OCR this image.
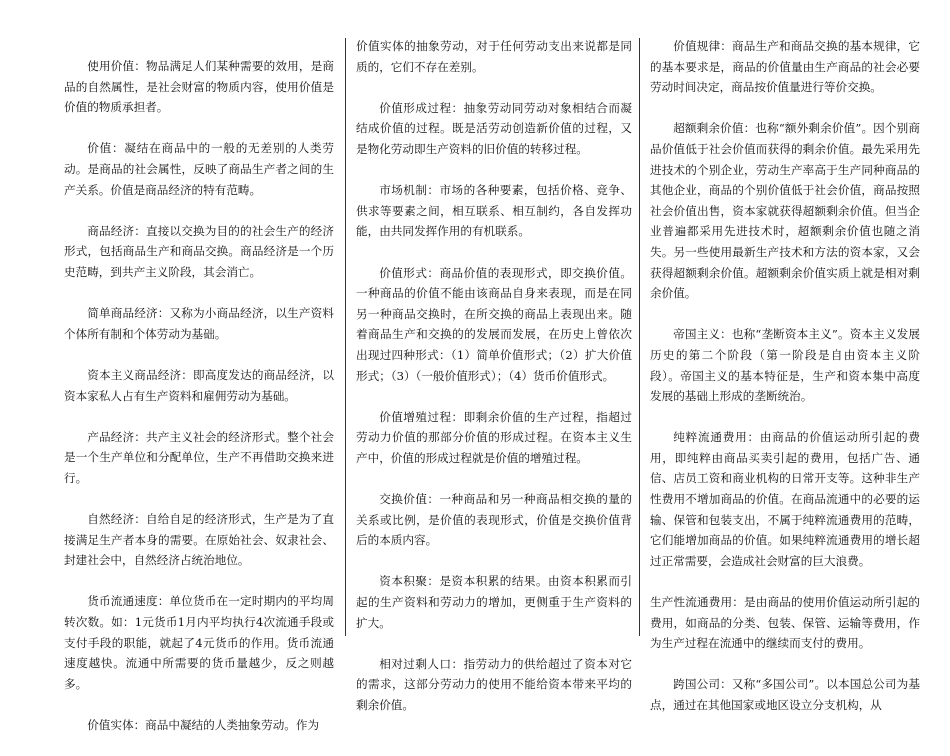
使用价值：物品满足人们某种需要的效用，是商品的自然属性，是社会财富的物质内容，使用价值是价值的物质承担者。

价值：凝结在商品中的一般的无差别的人类劳动。是商品的社会属性，反映了商品生产者之间的生产关系。价值是商品经济的特有范畴。

商品经济：直接以交换为目的的社会生产的经济形式，包括商品生产和商品交换。商品经济是一个历史范畴，到共产主义阶段，其会消亡。

简单商品经济：又称为小商品经济，以生产资料个体所有制和个体劳动为基础。

资本主义商品经济：即高度发达的商品经济，以资本家私人占有生产资料和雇佣劳动为基础。

产品经济：共产主义社会的经济形式。整个社会是一个生产单位和分配单位，生产不再借助交换来进行。

自然经济：自给自足的经济形式，生产是为了直接满足生产者本身的需要。在原始社会、奴隶社会、封建社会中，自然经济占统治地位。

货币流通速度：单位货币在一定时期内的平均周转次数。如：1元货币1月内平均执行4次流通手段或支付手段的职能，就起了4元货币的作用。货币流通速度越快。流通中所需要的货币量越少，反之则越多。

价值实体：商品中凝结的人类抽象劳动。作为

价值实体的抽象劳动，对于任何劳动支出来说都是同质的，它们不存在差别。

价值形成过程：抽象劳动同劳动对象相结合而凝结成价值的过程。既是活劳动创造新价值的过程，又是物化劳动即生产资料的旧价值的转移过程。

市场机制：市场的各种要素，包括价格、竞争、供求等要素之间，相互联系、相互制约，各自发挥功能，由共同发挥作用的有机联系。

价值形式：商品价值的表现形式，即交换价值。一种商品的价值不能由该商品自身来表现，而是在同另一种商品交换时，在所交换的商品上表现出来。随着商品生产和交换的的发展而发展，在历史上曾依次出现过四种形式：（1）简单价值形式；（2）扩大价值形式；（3）（一般价值形式）；（4）货币价值形式。

价值增殖过程：即剩余价值的生产过程，指超过劳动力价值的那部分价值的形成过程。在资本主义生产中，价值的形成过程就是价值的增殖过程。

交换价值：一种商品和另一种商品相交换的量的关系或比例，是价值的表现形式，价值是交换价值背后的本质内容。

资本积聚：是资本积累的结果。由资本积累而引起的生产资料和劳动力的增加，更侧重于生产资料的扩大。

相对过剩人口：指劳动力的供给超过了资本对它的需求，这部分劳动力的使用不能给资本带来平均的剩余价值。

价值规律：商品生产和商品交换的基本规律，它的基本要求是，商品的价值量由生产商品的社会必要劳动时间决定，商品按价值量进行等价交换。

超额剩余价值：也称“额外剩余价值”。因个别商品价值低于社会价值而获得的剩余价值。最先采用先进技术的个别企业，劳动生产率高于生产同种商品的其他企业，商品的个别价值低于社会价值，商品按照社会价值出售，资本家就获得超额剩余价值。但当企业普遍都采用先进技术时，超额剩余价值也随之消失。另一些使用最新生产技术和方法的资本家，又会获得超额剩余价值。超额剩余价值实质上就是相对剩余价值。

帝国主义：也称“垄断资本主义”。资本主义发展历史的第二个阶段（第一阶段是自由资本主义阶段）。帝国主义的基本特征是，生产和资本集中高度发展的基础上形成的垄断统治。

纯粹流通费用：由商品的价值运动所引起的费用，即纯粹由商品买卖引起的费用，包括广告、通信、店员工资和商业机构的日常开支等。这种非生产性费用不增加商品的价值。在商品流通中的必要的运输、保管和包装支出，不属于纯粹流通费用的范畴，它们能增加商品的价值。如果纯粹流通费用的增长超过正常需要，会造成社会财富的巨大浪费。

生产性流通费用：是由商品的使用价值运动所引起的费用，如商品的分类、包装、保管、运输等费用，作为生产过程在流通中的继续而支付的费用。

跨国公司：又称“多国公司”。以本国总公司为基点，通过在其他国家或地区设立分支机构，从
